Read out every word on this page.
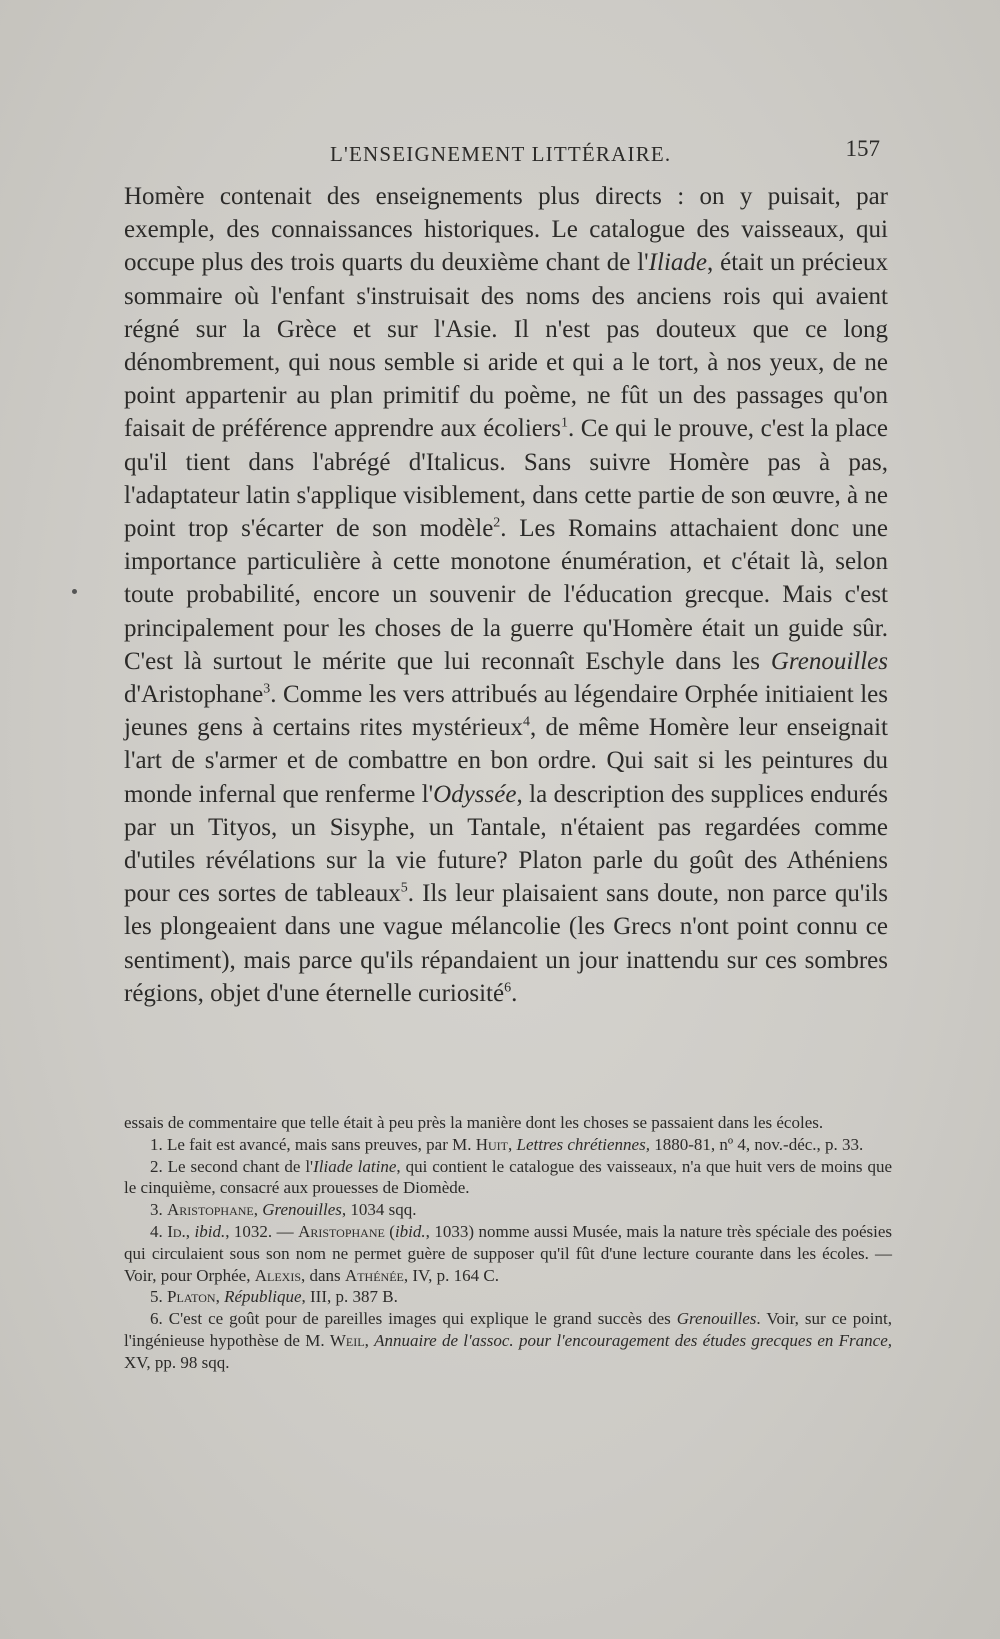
L'ENSEIGNEMENT LITTÉRAIRE.	157

Homère contenait des enseignements plus directs : on y puisait, par exemple, des connaissances historiques. Le catalogue des vaisseaux, qui occupe plus des trois quarts du deuxième chant de l'Iliade, était un précieux sommaire où l'enfant s'instruisait des noms des anciens rois qui avaient régné sur la Grèce et sur l'Asie. Il n'est pas douteux que ce long dénombrement, qui nous semble si aride et qui a le tort, à nos yeux, de ne point appartenir au plan primitif du poème, ne fût un des passages qu'on faisait de préférence apprendre aux écoliers$^1$. Ce qui le prouve, c'est la place qu'il tient dans l'abrégé d'Italicus. Sans suivre Homère pas à pas, l'adaptateur latin s'applique visiblement, dans cette partie de son œuvre, à ne point trop s'écarter de son modèle$^2$. Les Romains attachaient donc une importance particulière à cette monotone énumération, et c'était là, selon toute probabilité, encore un souvenir de l'éducation grecque. Mais c'est principalement pour les choses de la guerre qu'Homère était un guide sûr. C'est là surtout le mérite que lui reconnaît Eschyle dans les Grenouilles d'Aristophane$^3$. Comme les vers attribués au légendaire Orphée initiaient les jeunes gens à certains rites mystérieux$^4$, de même Homère leur enseignait l'art de s'armer et de combattre en bon ordre. Qui sait si les peintures du monde infernal que renferme l'Odyssée, la description des supplices endurés par un Tityos, un Sisyphe, un Tantale, n'étaient pas regardées comme d'utiles révélations sur la vie future? Platon parle du goût des Athéniens pour ces sortes de tableaux$^5$. Ils leur plaisaient sans doute, non parce qu'ils les plongeaient dans une vague mélancolie (les Grecs n'ont point connu ce sentiment), mais parce qu'ils répandaient un jour inattendu sur ces sombres régions, objet d'une éternelle curiosité$^6$.

essais de commentaire que telle était à peu près la manière dont les choses se passaient dans les écoles.

1. Le fait est avancé, mais sans preuves, par M. Huit, Lettres chrétiennes, 1880-81, nº 4, nov.-déc., p. 33.

2. Le second chant de l'Iliade latine, qui contient le catalogue des vaisseaux, n'a que huit vers de moins que le cinquième, consacré aux prouesses de Diomède.

3. Aristophane, Grenouilles, 1034 sqq.

4. Id., ibid., 1032. — Aristophane (ibid., 1033) nomme aussi Musée, mais la nature très spéciale des poésies qui circulaient sous son nom ne permet guère de supposer qu'il fût d'une lecture courante dans les écoles. — Voir, pour Orphée, Alexis, dans Athénée, IV, p. 164 C.

5. Platon, République, III, p. 387 B.

6. C'est ce goût pour de pareilles images qui explique le grand succès des Grenouilles. Voir, sur ce point, l'ingénieuse hypothèse de M. Weil, Annuaire de l'assoc. pour l'encouragement des études grecques en France, XV, pp. 98 sqq.
